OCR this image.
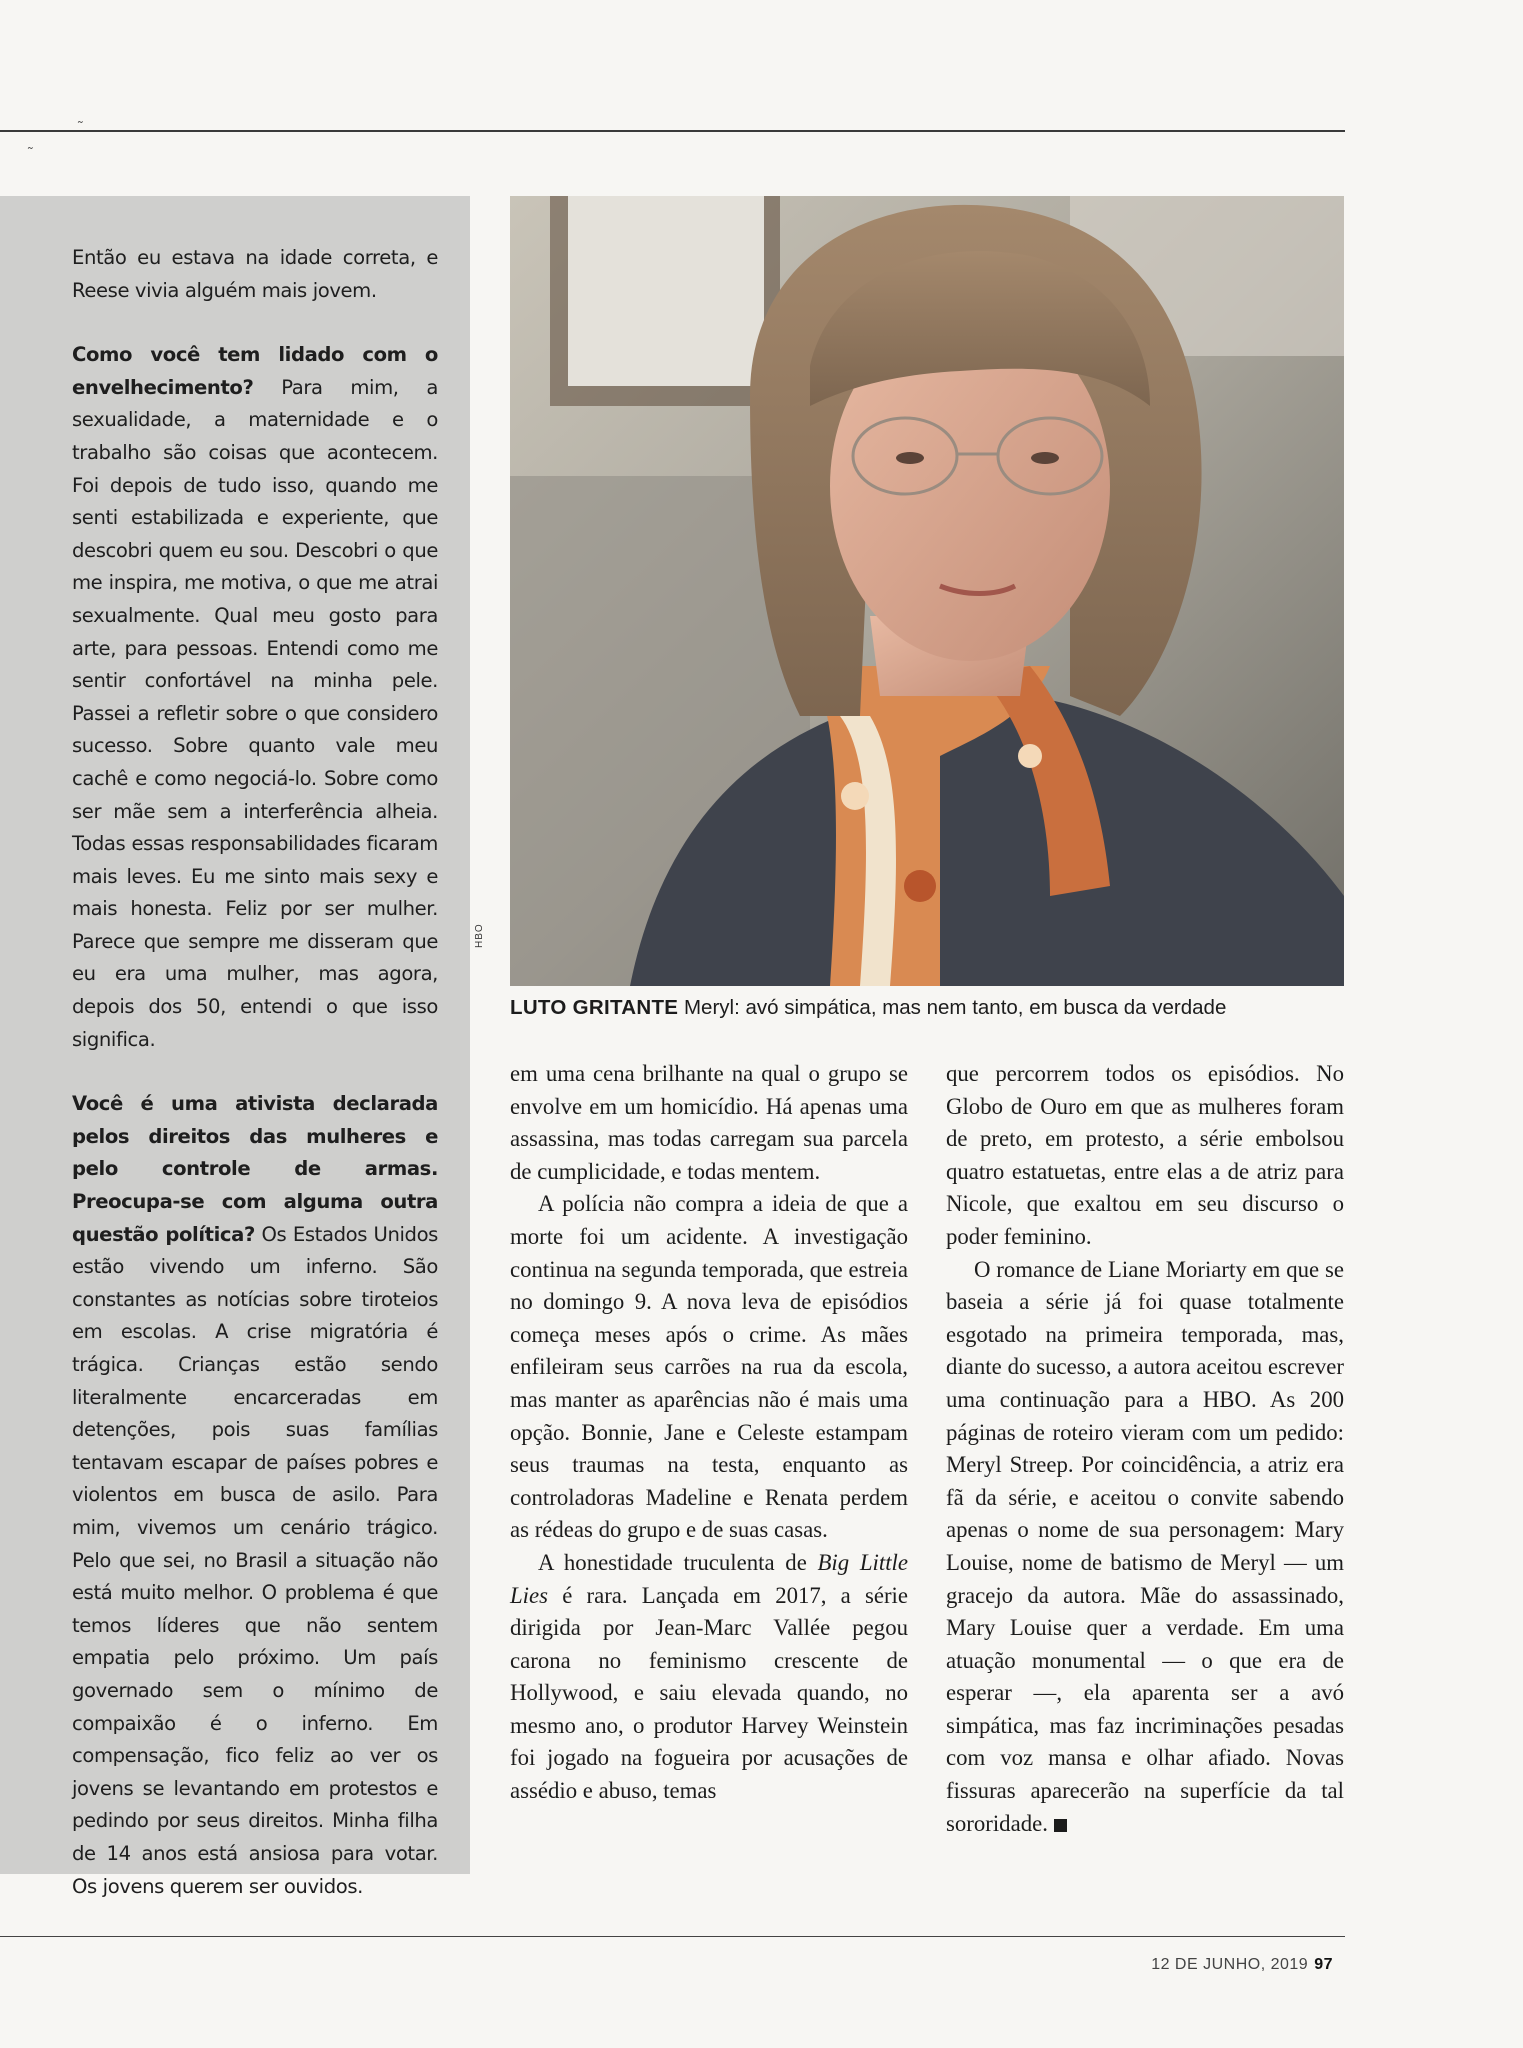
˜
˜

Então eu estava na idade correta, e Reese vivia alguém mais jovem.

Como você tem lidado com o envelhecimento? Para mim, a sexualidade, a maternidade e o trabalho são coisas que acontecem. Foi depois de tudo isso, quando me senti estabilizada e experiente, que descobri quem eu sou. Descobri o que me inspira, me motiva, o que me atrai sexualmente. Qual meu gosto para arte, para pessoas. Entendi como me sentir confortável na minha pele. Passei a refletir sobre o que considero sucesso. Sobre quanto vale meu cachê e como negociá-lo. Sobre como ser mãe sem a interferência alheia. Todas essas responsabilidades ficaram mais leves. Eu me sinto mais sexy e mais honesta. Feliz por ser mulher. Parece que sempre me disseram que eu era uma mulher, mas agora, depois dos 50, entendi o que isso significa.

Você é uma ativista declarada pelos direitos das mulheres e pelo controle de armas. Preocupa-se com alguma outra questão política? Os Estados Unidos estão vivendo um inferno. São constantes as notícias sobre tiroteios em escolas. A crise migratória é trágica. Crianças estão sendo literalmente encarceradas em detenções, pois suas famílias tentavam escapar de países pobres e violentos em busca de asilo. Para mim, vivemos um cenário trágico. Pelo que sei, no Brasil a situação não está muito melhor. O problema é que temos líderes que não sentem empatia pelo próximo. Um país governado sem o mínimo de compaixão é o inferno. Em compensação, fico feliz ao ver os jovens se levantando em protestos e pedindo por seus direitos. Minha filha de 14 anos está ansiosa para votar. Os jovens querem ser ouvidos.

HBO
LUTO GRITANTE Meryl: avó simpática, mas nem tanto, em busca da verdade

em uma cena brilhante na qual o grupo se envolve em um homicídio. Há apenas uma assassina, mas todas carregam sua parcela de cumplicidade, e todas mentem.

A polícia não compra a ideia de que a morte foi um acidente. A investigação continua na segunda temporada, que estreia no domingo 9. A nova leva de episódios começa meses após o crime. As mães enfileiram seus carrões na rua da escola, mas manter as aparências não é mais uma opção. Bonnie, Jane e Celeste estampam seus traumas na testa, enquanto as controladoras Madeline e Renata perdem as rédeas do grupo e de suas casas.

A honestidade truculenta de Big Little Lies é rara. Lançada em 2017, a série dirigida por Jean-Marc Vallée pegou carona no feminismo crescente de Hollywood, e saiu elevada quando, no mesmo ano, o produtor Harvey Weinstein foi jogado na fogueira por acusações de assédio e abuso, temas

que percorrem todos os episódios. No Globo de Ouro em que as mulheres foram de preto, em protesto, a série embolsou quatro estatuetas, entre elas a de atriz para Nicole, que exaltou em seu discurso o poder feminino.

O romance de Liane Moriarty em que se baseia a série já foi quase totalmente esgotado na primeira temporada, mas, diante do sucesso, a autora aceitou escrever uma continuação para a HBO. As 200 páginas de roteiro vieram com um pedido: Meryl Streep. Por coincidência, a atriz era fã da série, e aceitou o convite sabendo apenas o nome de sua personagem: Mary Louise, nome de batismo de Meryl — um gracejo da autora. Mãe do assassinado, Mary Louise quer a verdade. Em uma atuação monumental — o que era de esperar —, ela aparenta ser a avó simpática, mas faz incriminações pesadas com voz mansa e olhar afiado. Novas fissuras aparecerão na superfície da tal sororidade.

12 DE JUNHO, 2019 97
